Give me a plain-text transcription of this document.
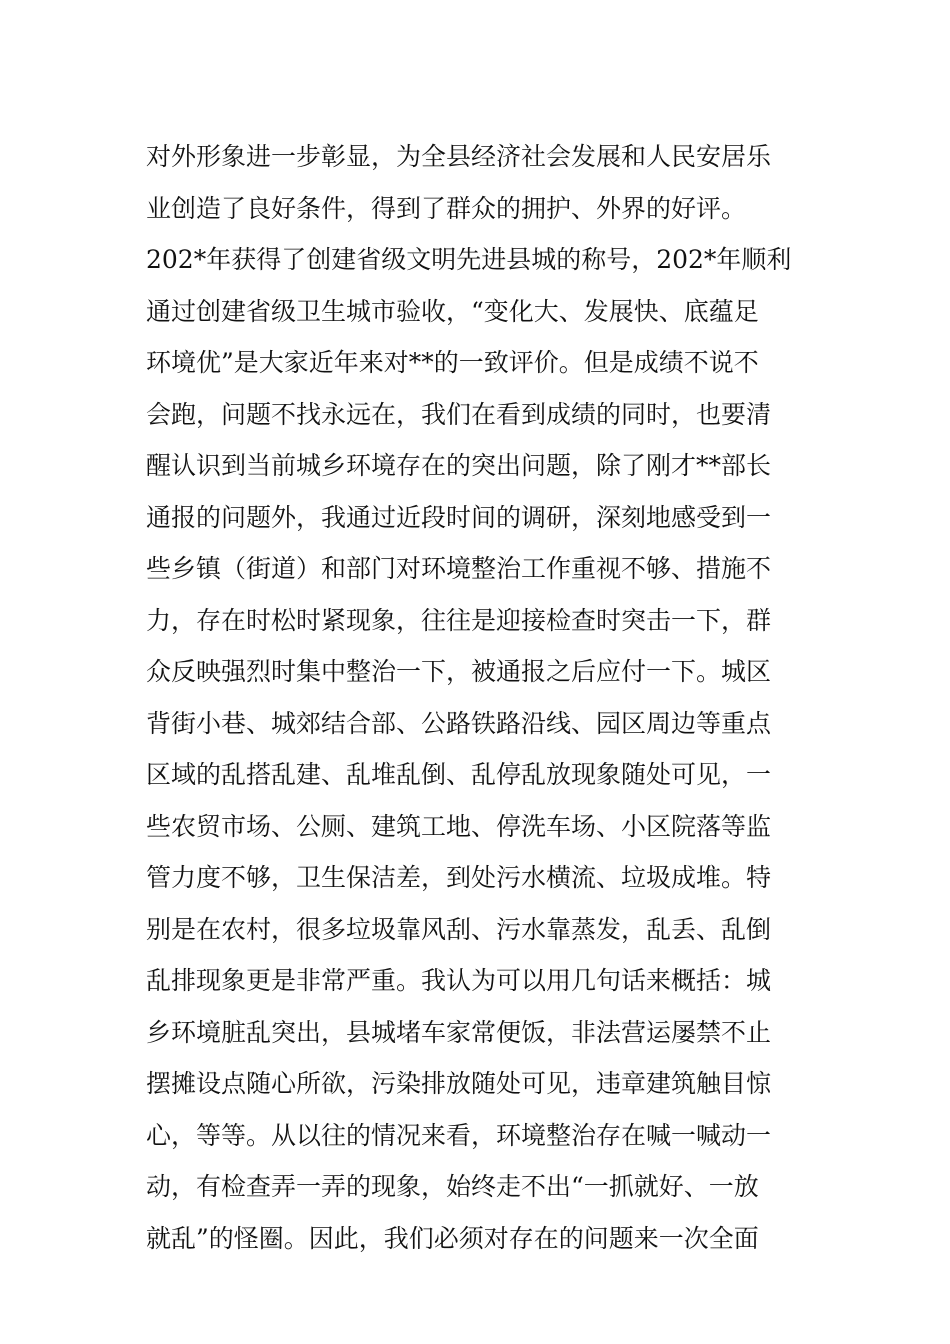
对外形象进一步彰显，为全县经济社会发展和人民安居乐
业创造了良好条件，得到了群众的拥护、外界的好评。
202*年获得了创建省级文明先进县城的称号，202*年顺利
通过创建省级卫生城市验收，“变化大、发展快、底蕴足
环境优”是大家近年来对**的一致评价。但是成绩不说不
会跑，问题不找永远在，我们在看到成绩的同时，也要清
醒认识到当前城乡环境存在的突出问题，除了刚才**部长
通报的问题外，我通过近段时间的调研，深刻地感受到一
些乡镇（街道）和部门对环境整治工作重视不够、措施不
力，存在时松时紧现象，往往是迎接检查时突击一下，群
众反映强烈时集中整治一下，被通报之后应付一下。城区
背街小巷、城郊结合部、公路铁路沿线、园区周边等重点
区域的乱搭乱建、乱堆乱倒、乱停乱放现象随处可见，一
些农贸市场、公厕、建筑工地、停洗车场、小区院落等监
管力度不够，卫生保洁差，到处污水横流、垃圾成堆。特
别是在农村，很多垃圾靠风刮、污水靠蒸发，乱丢、乱倒
乱排现象更是非常严重。我认为可以用几句话来概括：城
乡环境脏乱突出，县城堵车家常便饭，非法营运屡禁不止
摆摊设点随心所欲，污染排放随处可见，违章建筑触目惊
心，等等。从以往的情况来看，环境整治存在喊一喊动一
动，有检查弄一弄的现象，始终走不出“一抓就好、一放
就乱”的怪圈。因此，我们必须对存在的问题来一次全面
